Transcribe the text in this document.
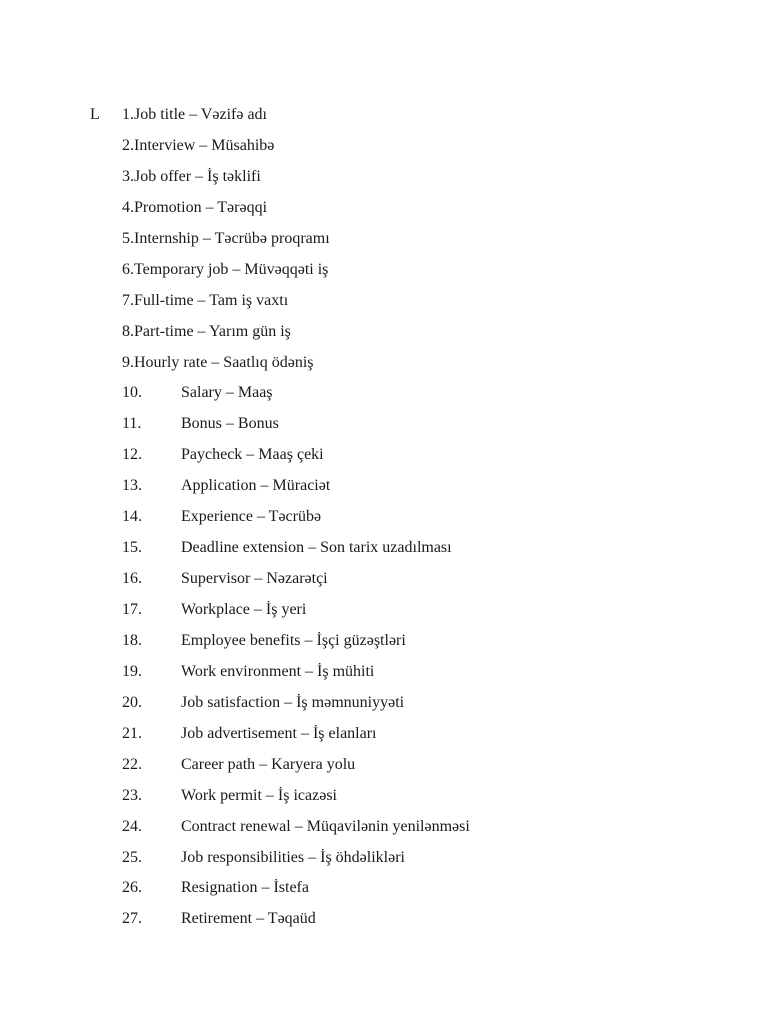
L 1.Job title – Vəzifə adı
2.Interview – Müsahibə
3.Job offer – İş təklifi
4.Promotion – Tərəqqi
5.Internship – Təcrübə proqramı
6.Temporary job – Müvəqqəti iş
7.Full-time – Tam iş vaxtı
8.Part-time – Yarım gün iş
9.Hourly rate – Saatlıq ödəniş
10. Salary – Maaş
11. Bonus – Bonus
12. Paycheck – Maaş çeki
13. Application – Müraciət
14. Experience – Təcrübə
15. Deadline extension – Son tarix uzadılması
16. Supervisor – Nəzarətçi
17. Workplace – İş yeri
18. Employee benefits – İşçi güzəştləri
19. Work environment – İş mühiti
20. Job satisfaction – İş məmnuniyyəti
21. Job advertisement – İş elanları
22. Career path – Karyera yolu
23. Work permit – İş icazəsi
24. Contract renewal – Müqavilənin yenilənməsi
25. Job responsibilities – İş öhdəlikləri
26. Resignation – İstefa
27. Retirement – Təqaüd
